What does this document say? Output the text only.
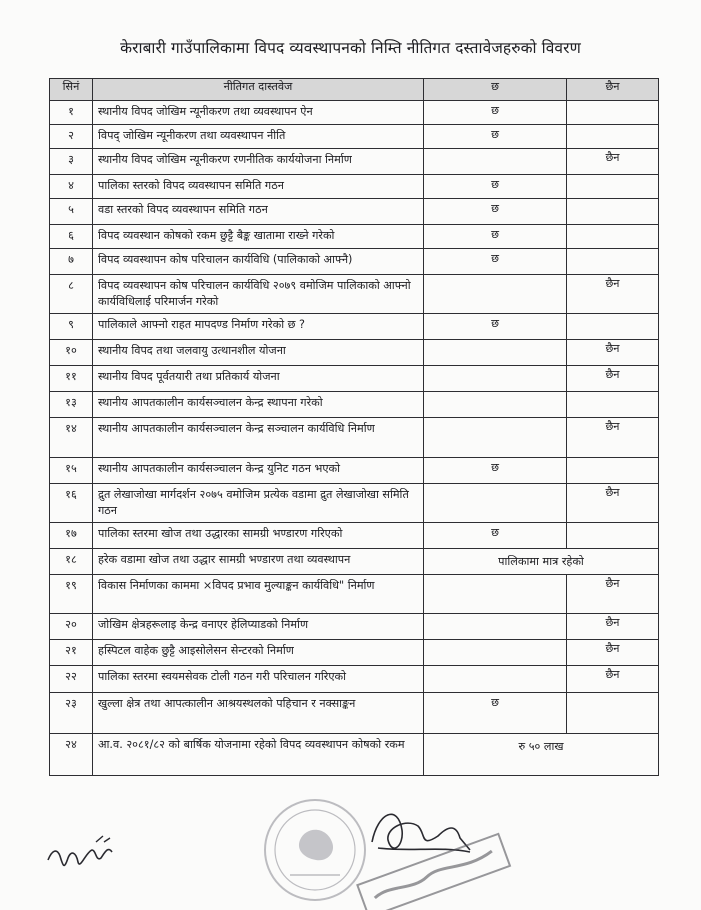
केराबारी गाउँपालिकामा विपद व्यवस्थापनको निम्ति नीतिगत दस्तावेजहरुको विवरण
सिनं	नीतिगत दास्तवेज	छ	छैन
१	स्थानीय विपद जोखिम न्यूनीकरण तथा व्यवस्थापन ऐन	छ	
२	विपद् जोखिम न्यूनीकरण तथा व्यवस्थापन नीति	छ	
३	स्थानीय विपद जोखिम न्यूनीकरण रणनीतिक कार्ययोजना निर्माण		छैन
४	पालिका स्तरको विपद व्यवस्थापन समिति गठन	छ	
५	वडा स्तरको विपद व्यवस्थापन समिति गठन	छ	
६	विपद व्यवस्थान कोषको रकम छुट्टै बैङ्क खातामा राख्ने गरेको	छ	
७	विपद व्यवस्थापन कोष परिचालन कार्यविधि (पालिकाको आफ्नै)	छ	
८	विपद व्यवस्थापन कोष परिचालन कार्यविधि २०७९ वमोजिम पालिकाको आफ्नो कार्यविधिलाई परिमार्जन गरेको		छैन
९	पालिकाले आफ्नो राहत मापदण्ड निर्माण गरेको छ ?	छ	
१०	स्थानीय विपद तथा जलवायु उत्थानशील योजना		छैन
११	स्थानीय विपद पूर्वतयारी तथा प्रतिकार्य योजना		छैन
१३	स्थानीय आपतकालीन कार्यसञ्चालन केन्द्र स्थापना गरेको		
१४	स्थानीय आपतकालीन कार्यसञ्चालन केन्द्र सञ्चालन कार्यविधि निर्माण		छैन
१५	स्थानीय आपतकालीन कार्यसञ्चालन केन्द्र युनिट गठन भएको	छ	
१६	द्रुत लेखाजोखा मार्गदर्शन २०७५ वमोजिम प्रत्येक वडामा द्रुत लेखाजोखा समिति गठन		छैन
१७	पालिका स्तरमा खोज तथा उद्धारका सामग्री भण्डारण गरिएको	छ	
१८	हरेक वडामा खोज तथा उद्धार सामग्री भण्डारण तथा व्यवस्थापन	पालिकामा मात्र रहेको	
१९	विकास निर्माणका काममा ×विपद प्रभाव मुल्याङ्कन कार्यविधि" निर्माण		छैन
२०	जोखिम क्षेत्रहरूलाइ केन्द्र वनाएर हेलिप्याडको निर्माण		छैन
२१	हस्पिटल वाहेक छुट्टै आइसोलेसन सेन्टरको निर्माण		छैन
२२	पालिका स्तरमा स्वयमसेवक टोली गठन गरी परिचालन गरिएको		छैन
२३	खुल्ला क्षेत्र तथा आपत्कालीन आश्रयस्थलको पहिचान र नक्साङ्कन	छ	
२४	आ.व. २०८१/८२ को बार्षिक योजनामा रहेको विपद व्यवस्थापन कोषको रकम	रु ५० लाख	
